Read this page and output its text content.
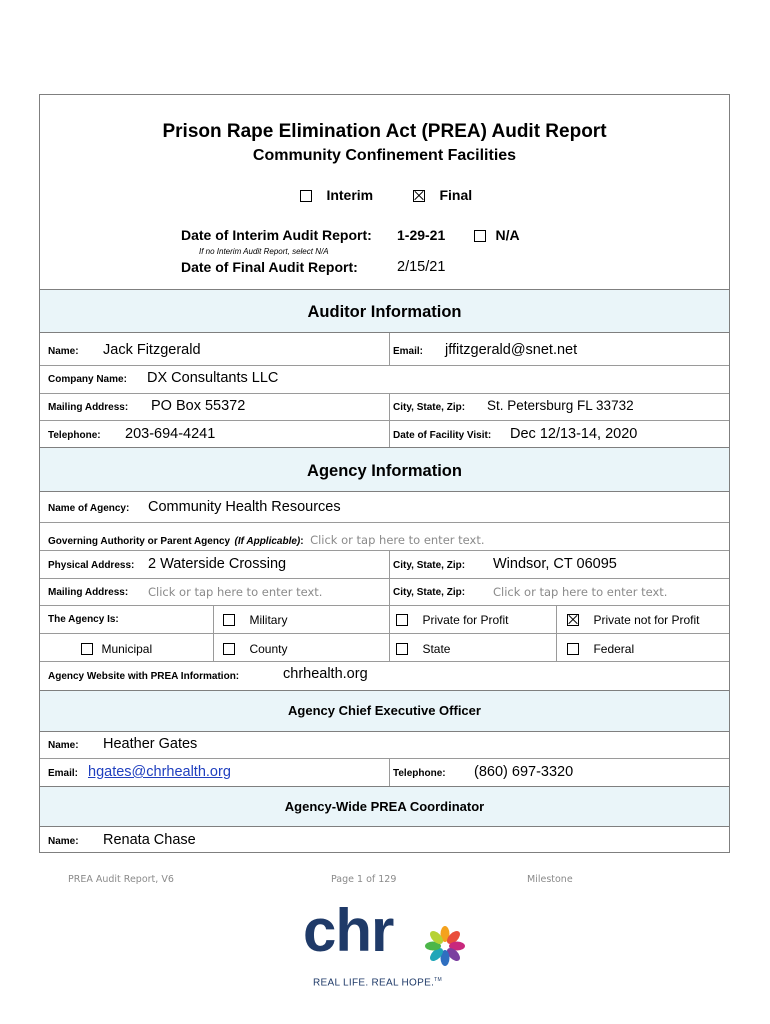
Prison Rape Elimination Act (PREA) Audit Report
Community Confinement Facilities
Interim	Final
Date of Interim Audit Report: 1-29-21	N/A
If no Interim Audit Report, select N/A
Date of Final Audit Report:	2/15/21
Auditor Information
Name: Jack Fitzgerald	Email: jffitzgerald@snet.net
Company Name: DX Consultants LLC
Mailing Address: PO Box 55372	City, State, Zip: St. Petersburg FL 33732
Telephone: 203-694-4241	Date of Facility Visit: Dec 12/13-14, 2020
Agency Information
Name of Agency: Community Health Resources
Governing Authority or Parent Agency (If Applicable): Click or tap here to enter text.
Physical Address: 2 Waterside Crossing	City, State, Zip: Windsor, CT 06095
Mailing Address: Click or tap here to enter text.	City, State, Zip: Click or tap here to enter text.
The Agency Is:	Military	Private for Profit	Private not for Profit
Municipal	County	State	Federal
Agency Website with PREA Information:	chrhealth.org
Agency Chief Executive Officer
Name: Heather Gates
Email: hgates@chrhealth.org	Telephone: (860) 697-3320
Agency-Wide PREA Coordinator
Name: Renata Chase
PREA Audit Report, V6	Page 1 of 129	Milestone
chr
REAL LIFE. REAL HOPE.™
